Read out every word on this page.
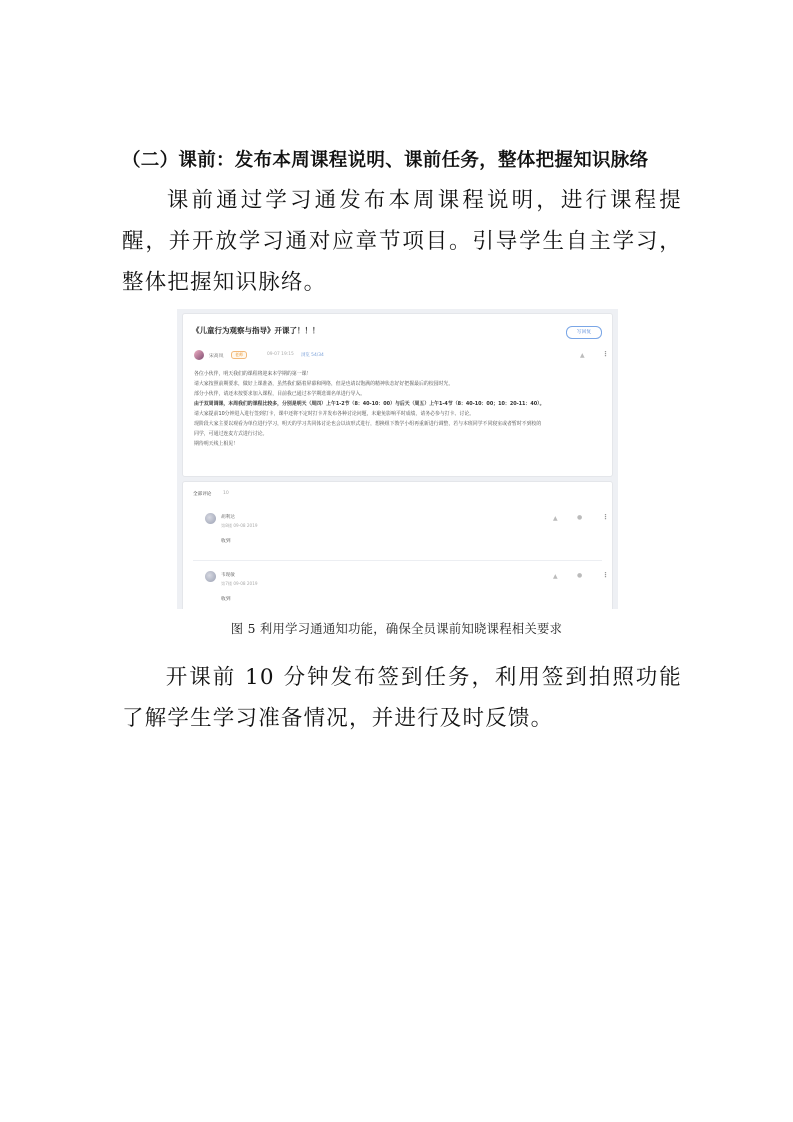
（二）课前：发布本周课程说明、课前任务，整体把握知识脉络
课前通过学习通发布本周课程说明，进行课程提醒，并开放学习通对应章节项目。引导学生自主学习，整体把握知识脉络。
《儿童行为观察与指导》开课了！！！	写回复
宋高岚	老师	09-07 19:15 浏览 54/34	▲ ⋮
各位小伙伴，明天我们的课程将迎来本学期的第一课！
请大家按照前期要求，做好上课准备，虽然我们隔着屏幕和网络，但是也请以饱满的精神状态好好把握最后的校园时光。
部分小伙伴，请还未按要求加入课程，目前我已通过本学期选课名单进行导入。
由于双周调课，本周我们的课程比较多，分别是明天（周四）上午1-2节（8：40-10：00）与后天（周五）上午1-4节（8：40-10：00；10：20-11：40）。
请大家提前10分钟进入进行签到打卡，课中还将不定时打卡并发布各种讨论问题，未避免影响平时成绩，请务必参与打卡、讨论。
现阶段大家主要以观看为单位进行学习，明天的学习共同体讨论也会以该形式进行，想换组下教学小组再重新进行调整，若与本班同学不同寝室或者暂时不到校的
同学，可通过连麦方式进行讨论。
期待明天线上相见！
全部评论	10
胡利达
第8楼 09-08 2019
收到
▲	●	⋮
韦现敏
第7楼 09-08 2019
收到
▲	●	⋮
图 5 利用学习通通知功能，确保全员课前知晓课程相关要求
开课前 10 分钟发布签到任务，利用签到拍照功能了解学生学习准备情况，并进行及时反馈。
